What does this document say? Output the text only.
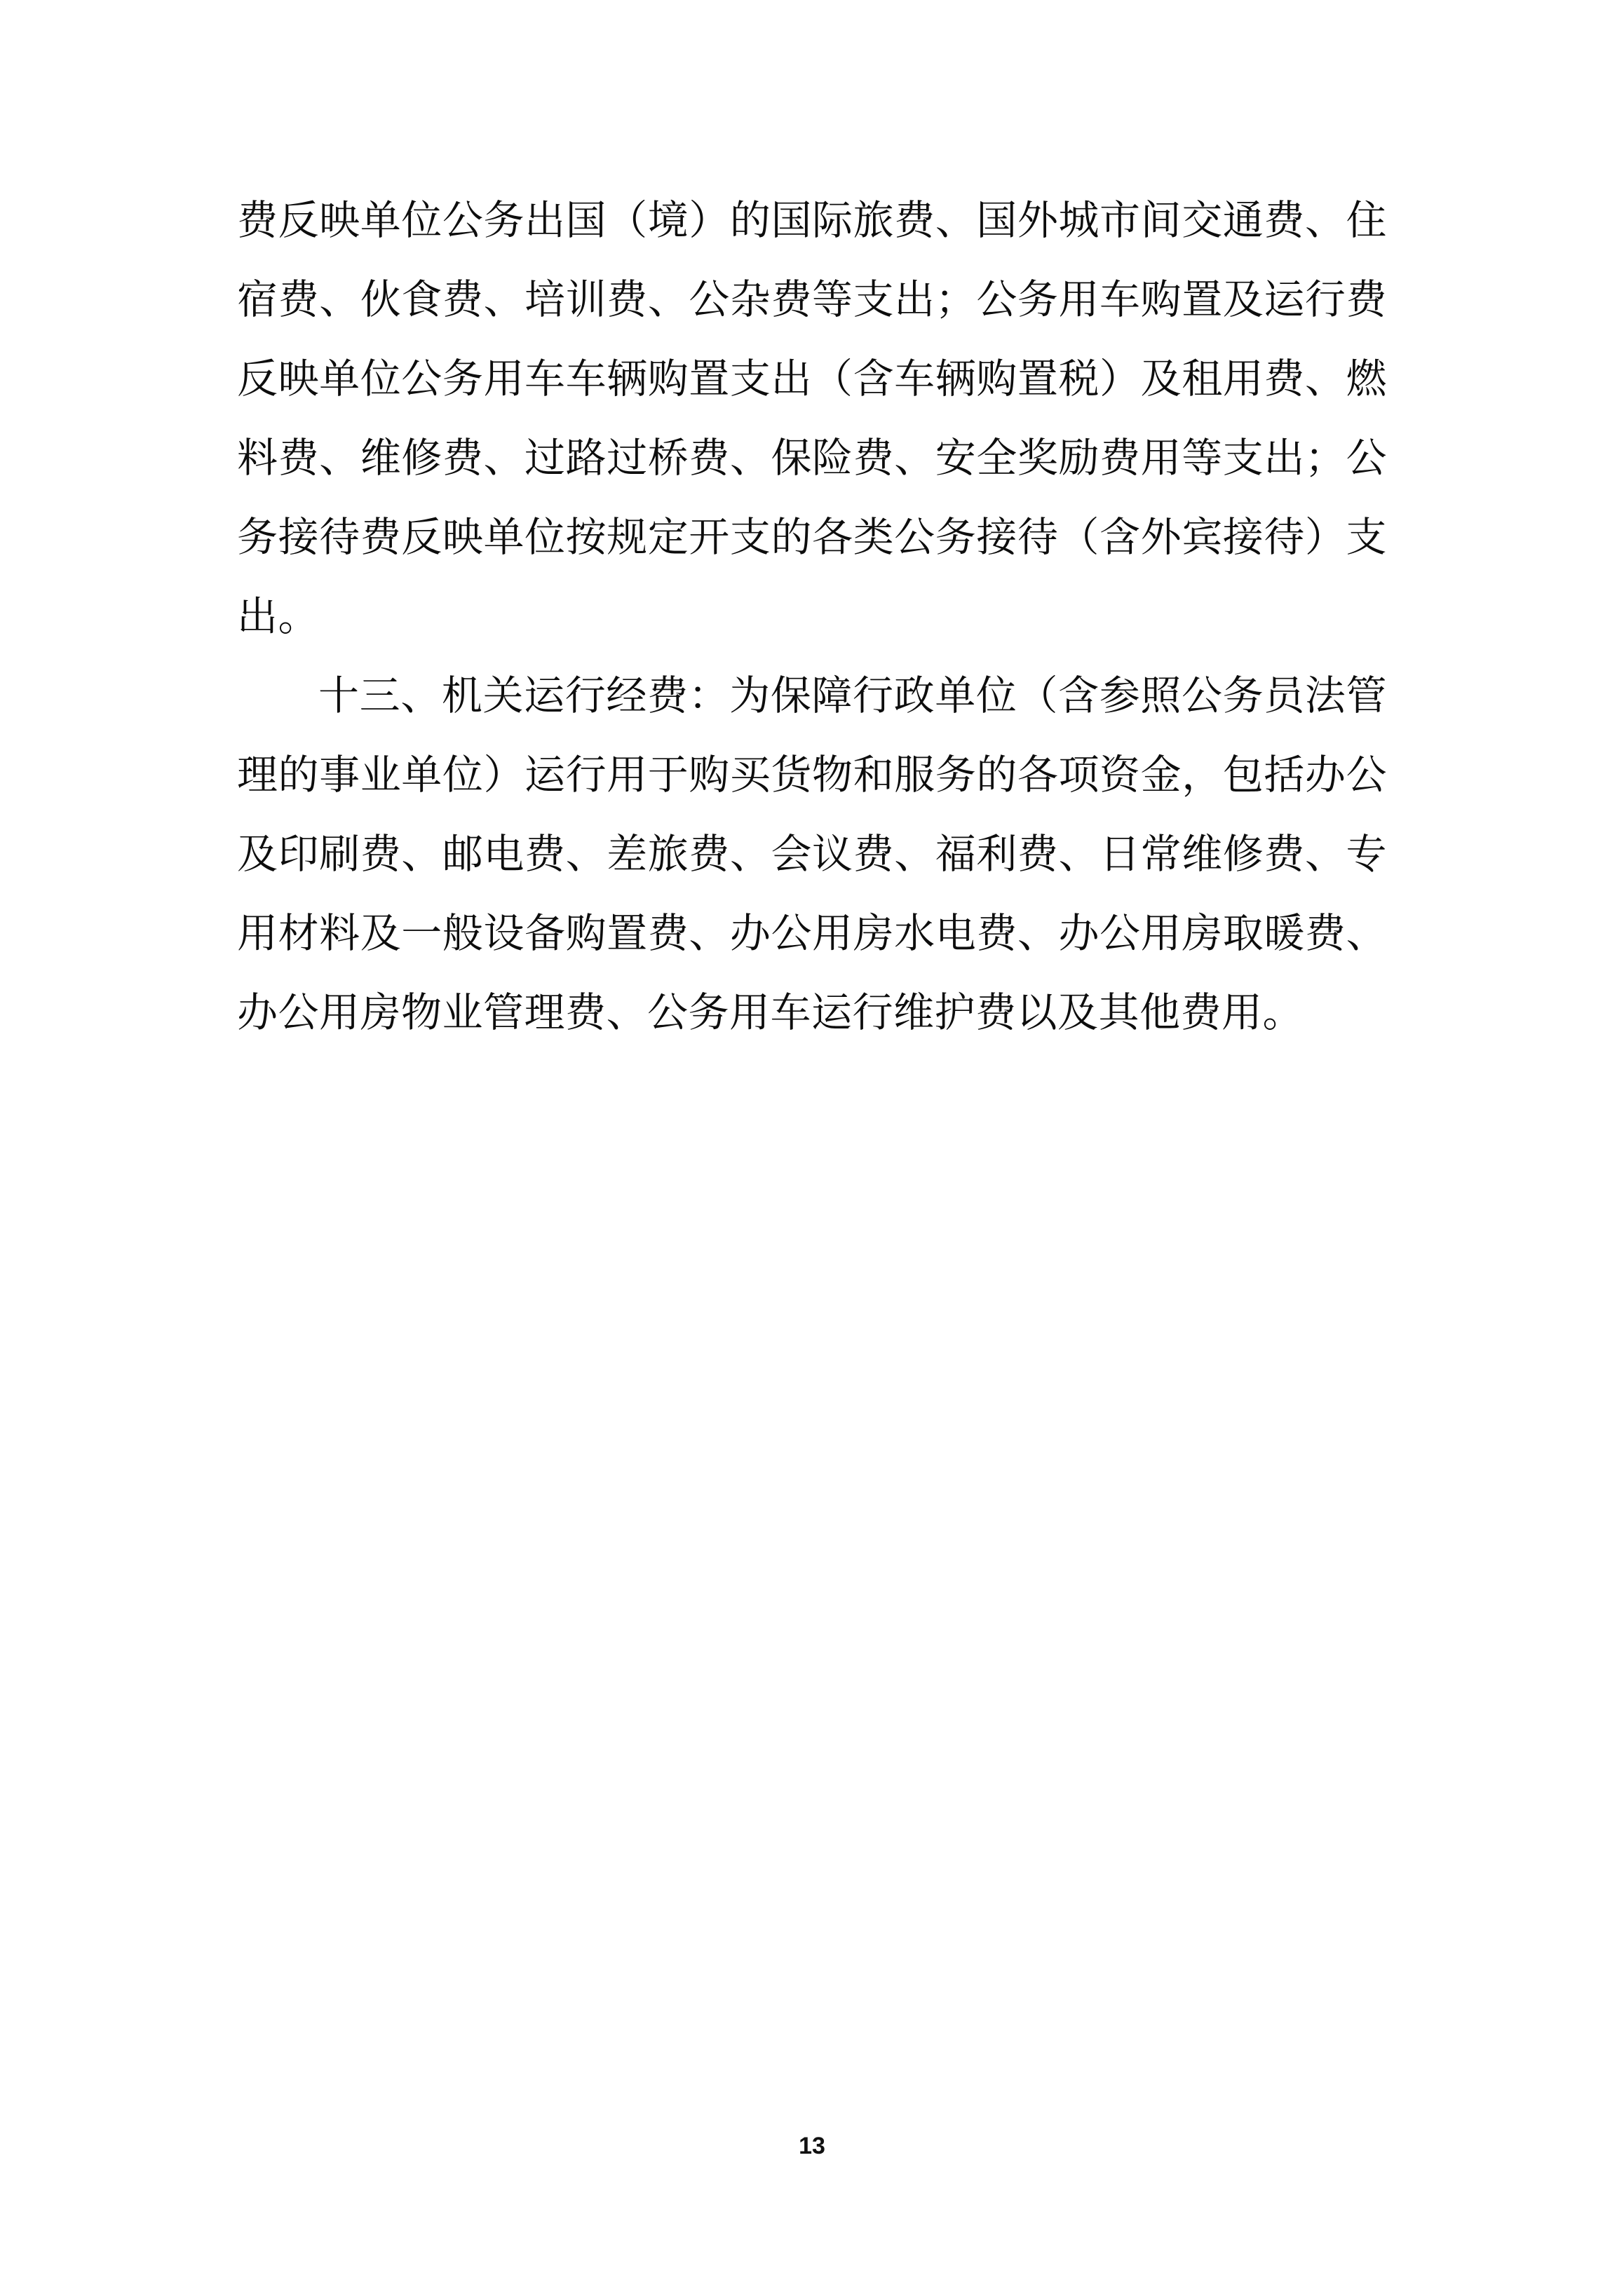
费反映单位公务出国（境）的国际旅费、国外城市间交通费、住宿费、伙食费、培训费、公杂费等支出；公务用车购置及运行费反映单位公务用车车辆购置支出（含车辆购置税）及租用费、燃料费、维修费、过路过桥费、保险费、安全奖励费用等支出；公务接待费反映单位按规定开支的各类公务接待（含外宾接待）支出。

十三、机关运行经费：为保障行政单位（含参照公务员法管理的事业单位）运行用于购买货物和服务的各项资金，包括办公及印刷费、邮电费、差旅费、会议费、福利费、日常维修费、专用材料及一般设备购置费、办公用房水电费、办公用房取暖费、办公用房物业管理费、公务用车运行维护费以及其他费用。

13
